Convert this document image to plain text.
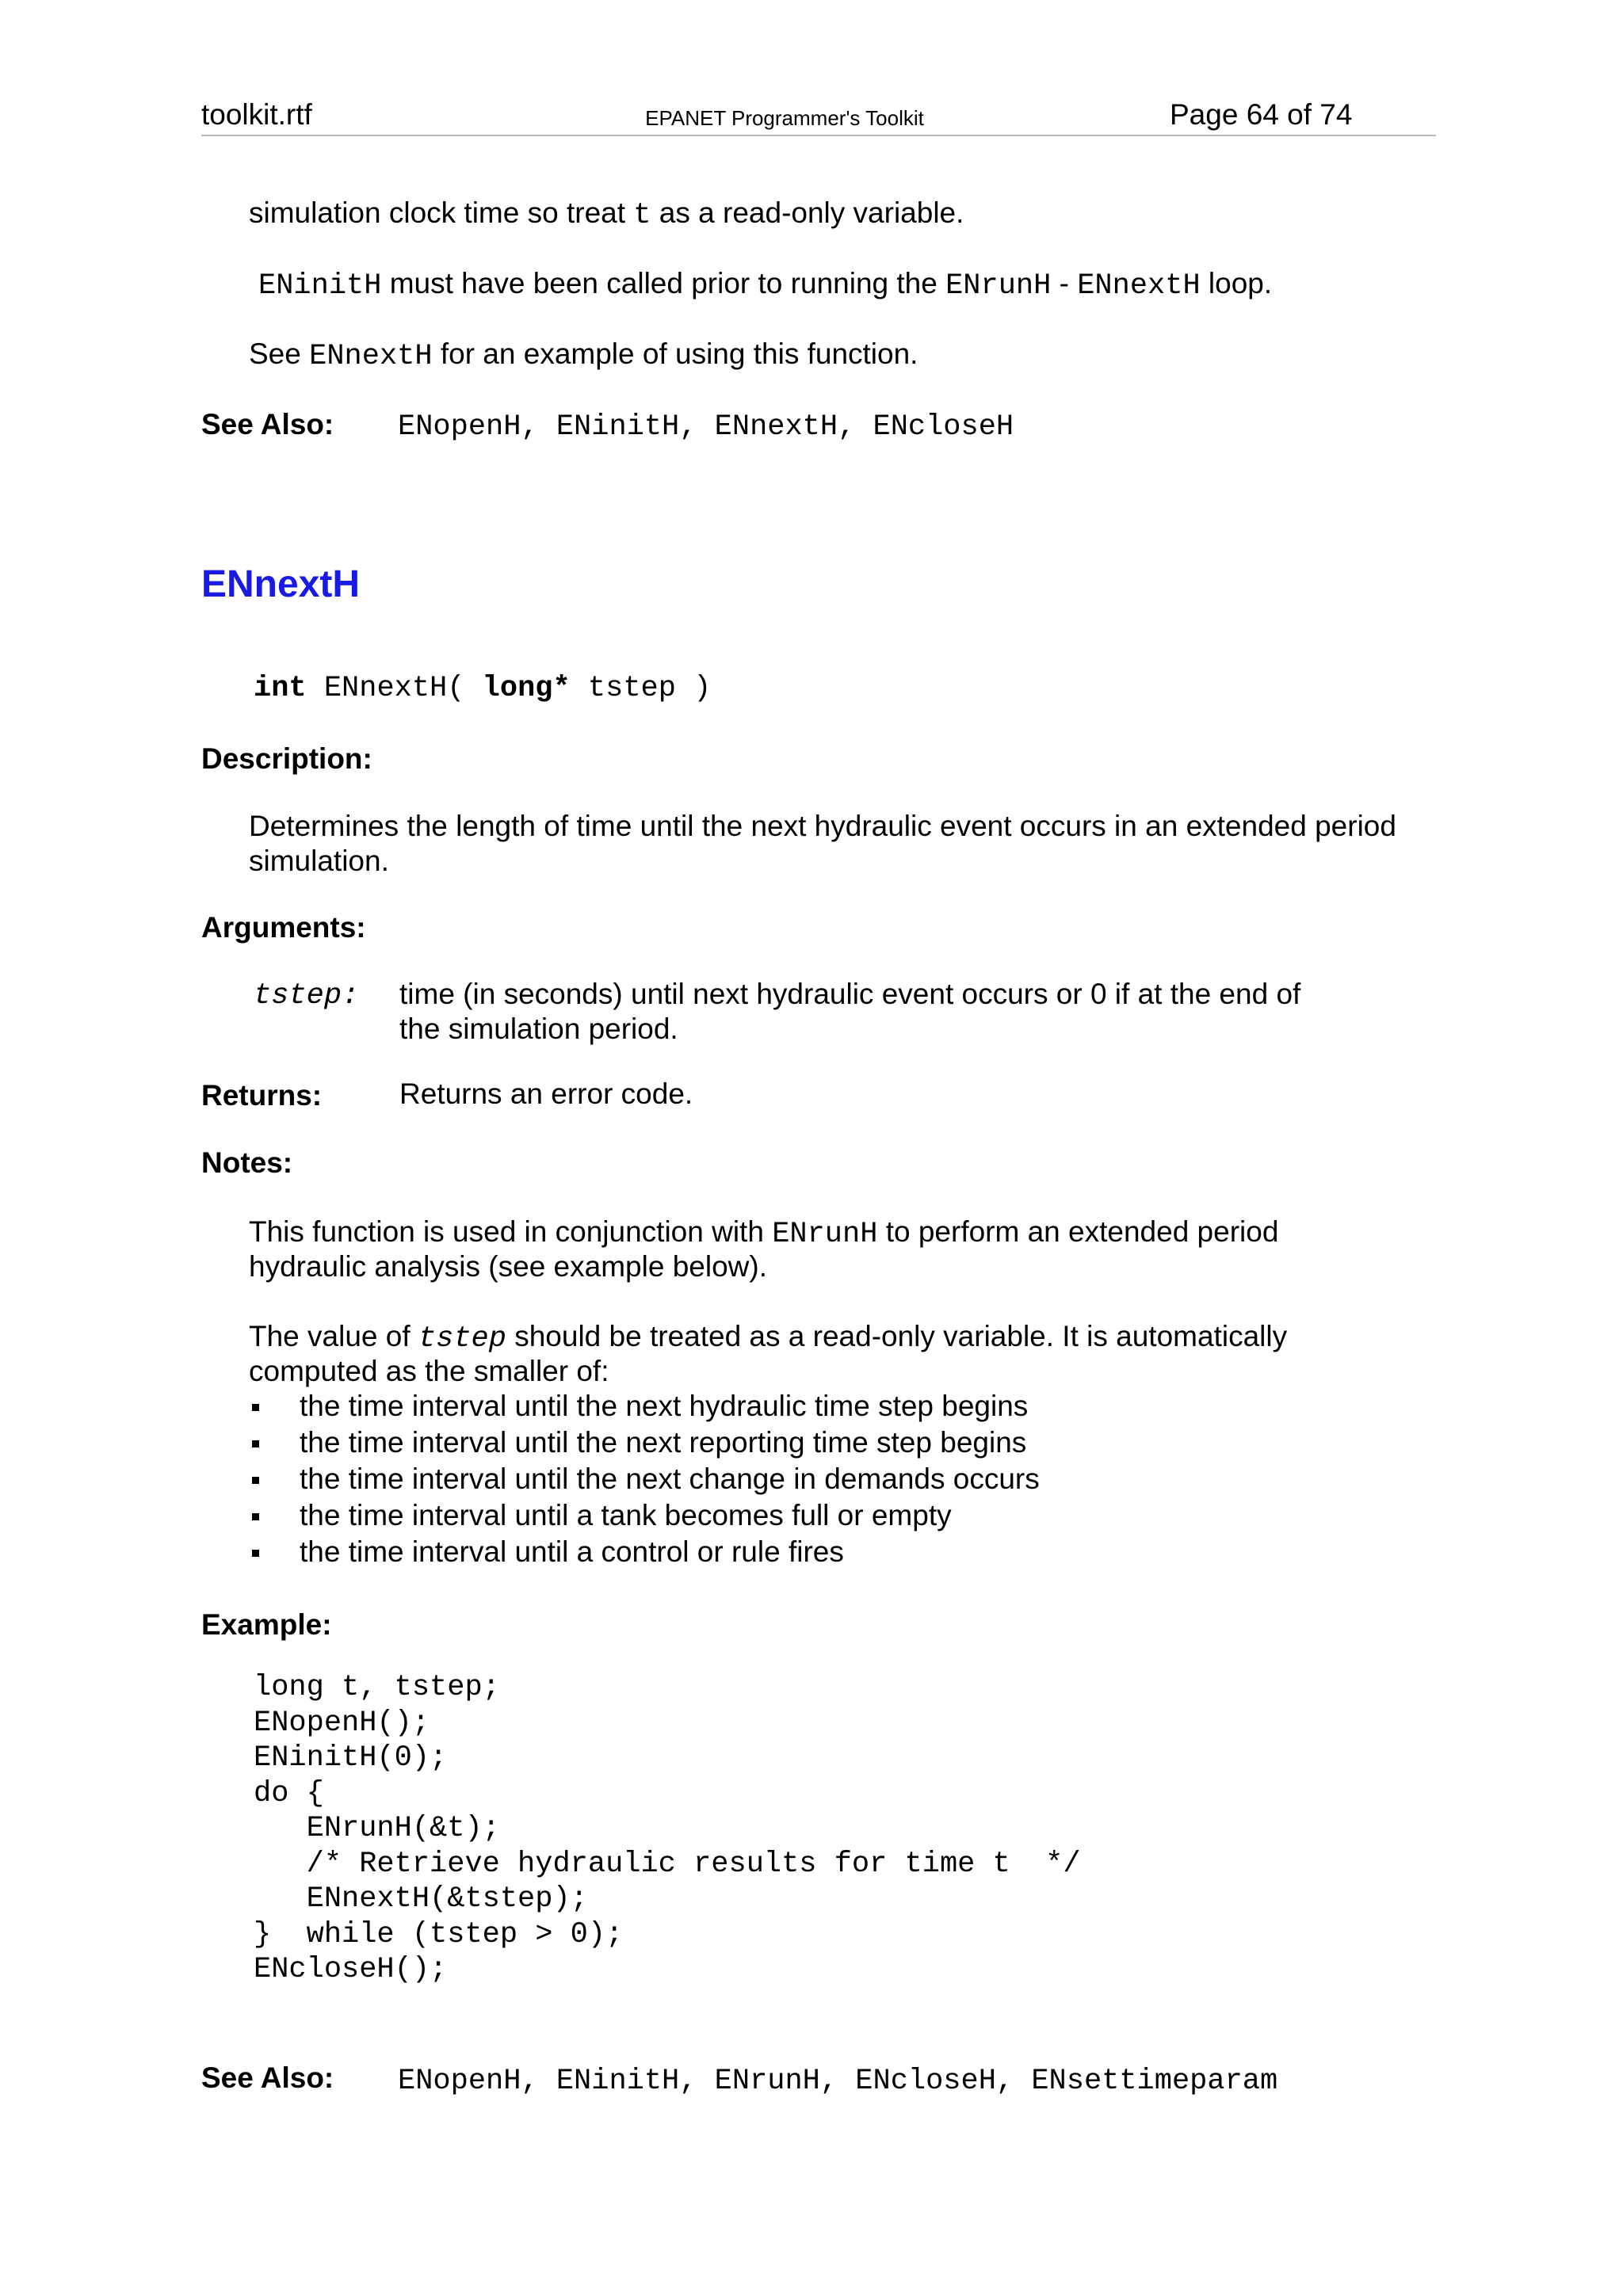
toolkit.rtf	EPANET Programmer's Toolkit	Page 64 of 74
simulation clock time so treat t as a read-only variable.
ENinitH must have been called prior to running the ENrunH - ENnextH loop.
See ENnextH for an example of using this function.
See Also: ENopenH, ENinitH, ENnextH, ENcloseH
ENnextH
int ENnextH( long* tstep )
Description:
Determines the length of time until the next hydraulic event occurs in an extended period
simulation.
Arguments:
tstep: time (in seconds) until next hydraulic event occurs or 0 if at the end of
the simulation period.
Returns:	Returns an error code.
Notes:
This function is used in conjunction with ENrunH to perform an extended period
hydraulic analysis (see example below).
The value of tstep should be treated as a read-only variable. It is automatically
computed as the smaller of:
the time interval until the next hydraulic time step begins
the time interval until the next reporting time step begins
the time interval until the next change in demands occurs
the time interval until a tank becomes full or empty
the time interval until a control or rule fires
Example:
long t, tstep;
ENopenH();
ENinitH(0);
do {
ENrunH(&t);
/* Retrieve hydraulic results for time t  */
ENnextH(&tstep);
}  while (tstep > 0);
ENcloseH();
See Also: ENopenH, ENinitH, ENrunH, ENcloseH, ENsettimeparam
